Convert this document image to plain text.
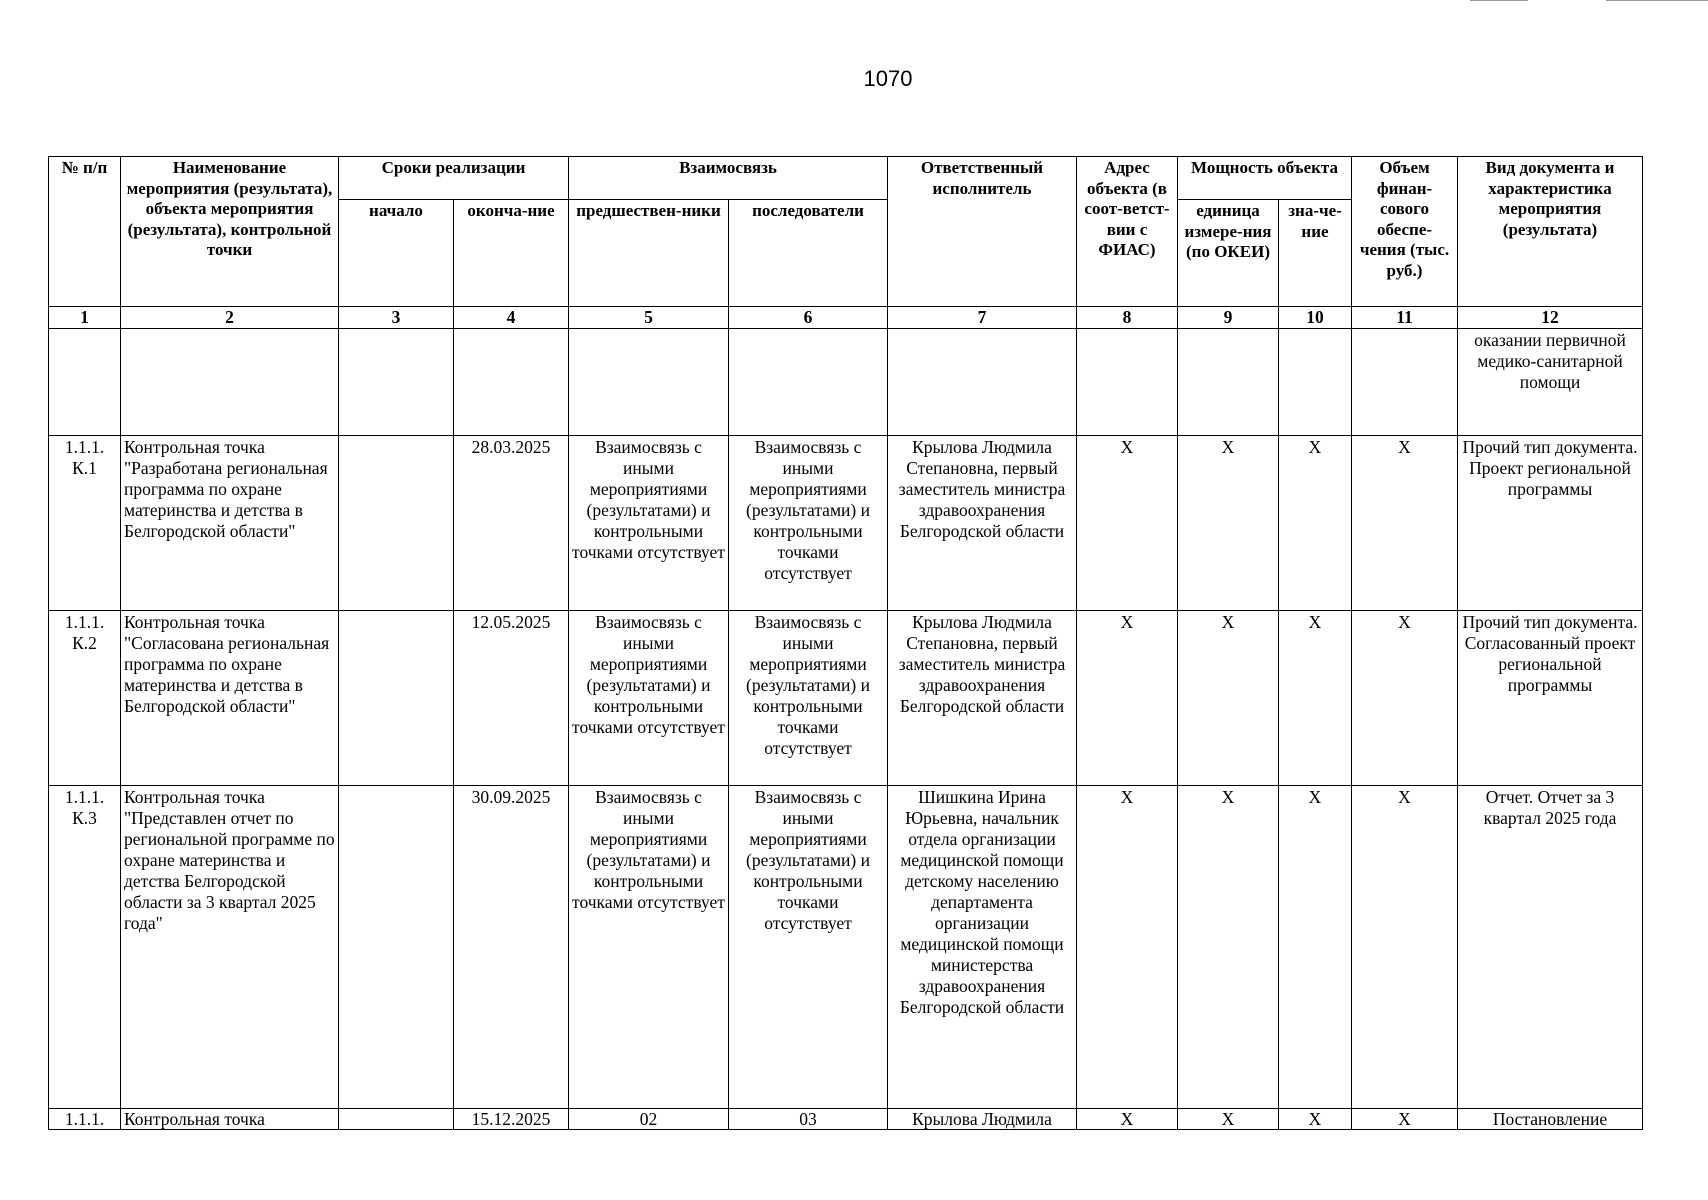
1070
№ п/п	Наименование мероприятия (результата), объекта мероприятия (результата), контрольной точки	Сроки реализации		Взаимосвязь		Ответственный исполнитель	Адрес объекта (в соот-ветст-вии с ФИАС)	Мощность объекта		Объем финан-сового обеспе-чения (тыс. руб.)	Вид документа и характеристика мероприятия (результата)
		начало	оконча-ние	предшествен-ники	последователи			единица измере-ния (по ОКЕИ)	зна-че-ние		
1	2	3	4	5	6	7	8	9	10	11	12
											оказании первичной медико-санитарной помощи
1.1.1. К.1	Контрольная точка "Разработана региональная программа по охране материнства и детства в Белгородской области"		28.03.2025	Взаимосвязь с иными мероприятиями (результатами) и контрольными точками отсутствует	Взаимосвязь с иными мероприятиями (результатами) и контрольными точками отсутствует	Крылова Людмила Степановна, первый заместитель министра здравоохранения Белгородской области	X	X	X	X	Прочий тип документа. Проект региональной программы
1.1.1. К.2	Контрольная точка "Согласована региональная программа по охране материнства и детства в Белгородской области"		12.05.2025	Взаимосвязь с иными мероприятиями (результатами) и контрольными точками отсутствует	Взаимосвязь с иными мероприятиями (результатами) и контрольными точками отсутствует	Крылова Людмила Степановна, первый заместитель министра здравоохранения Белгородской области	X	X	X	X	Прочий тип документа. Согласованный проект региональной программы
1.1.1. К.3	Контрольная точка "Представлен отчет по региональной программе по охране материнства и детства Белгородской области за 3 квартал 2025 года"		30.09.2025	Взаимосвязь с иными мероприятиями (результатами) и контрольными точками отсутствует	Взаимосвязь с иными мероприятиями (результатами) и контрольными точками отсутствует	Шишкина Ирина Юрьевна, начальник отдела организации медицинской помощи детскому населению департамента организации медицинской помощи министерства здравоохранения Белгородской области	X	X	X	X	Отчет. Отчет за 3 квартал 2025 года
1.1.1.	Контрольная точка		15.12.2025	02	03	Крылова Людмила	X	X	X	X	Постановление
